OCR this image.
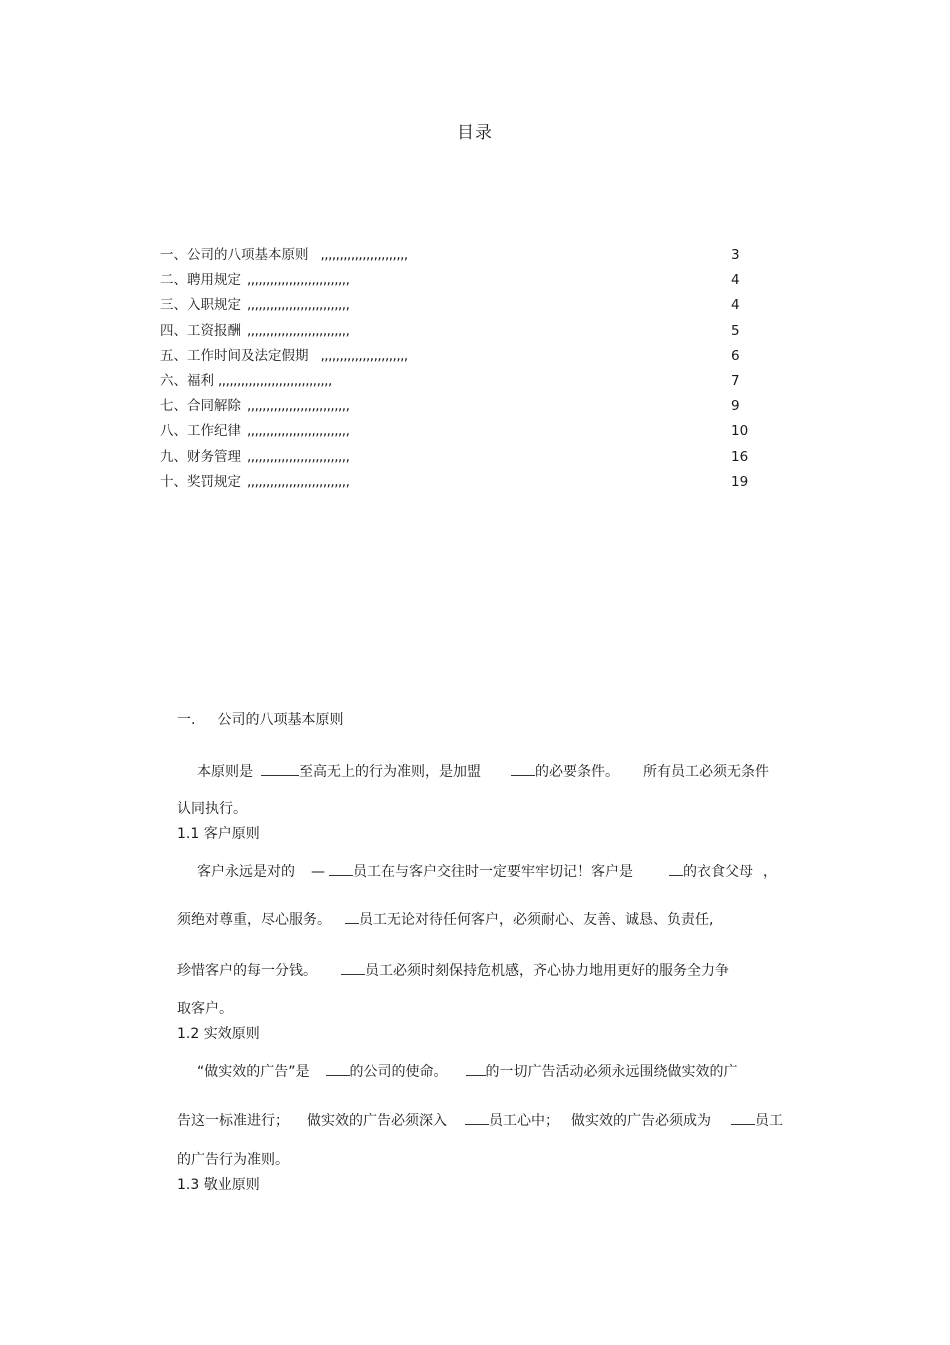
目录
一、公司的八项基本原则 ,,,,,,,,,,,,,,,,,,,,,,,	3
二、聘用规定 ,,,,,,,,,,,,,,,,,,,,,,,,,,,	4
三、入职规定 ,,,,,,,,,,,,,,,,,,,,,,,,,,,	4
四、工资报酬 ,,,,,,,,,,,,,,,,,,,,,,,,,,,	5
五、工作时间及法定假期 ,,,,,,,,,,,,,,,,,,,,,,,	6
六、福利 ,,,,,,,,,,,,,,,,,,,,,,,,,,,,,,	7
七、合同解除 ,,,,,,,,,,,,,,,,,,,,,,,,,,,	9
八、工作纪律 ,,,,,,,,,,,,,,,,,,,,,,,,,,,	10
九、财务管理 ,,,,,,,,,,,,,,,,,,,,,,,,,,,	16
十、奖罚规定 ,,,,,,,,,,,,,,,,,,,,,,,,,,,	19
一. 公司的八项基本原则
本原则是	至高无上的行为准则，是加盟	的必要条件。 所有员工必须无条件
认同执行。
1.1 客户原则
客户永远是对的 — 员工在与客户交往时一定要牢牢切记！客户是	的衣食父母 ，
须绝对尊重，尽心服务。 员工无论对待任何客户，必须耐心、友善、诚恳、负责任,
珍惜客户的每一分钱。	员工必须时刻保持危机感，齐心协力地用更好的服务全力争
取客户。
1.2 实效原则
“做实效的广告”是	的公司的使命。	的一切广告活动必须永远围绕做实效的广
告这一标准进行； 做实效的广告必须深入	员工心中； 做实效的广告必须成为	员工
的广告行为准则。
1.3 敬业原则
